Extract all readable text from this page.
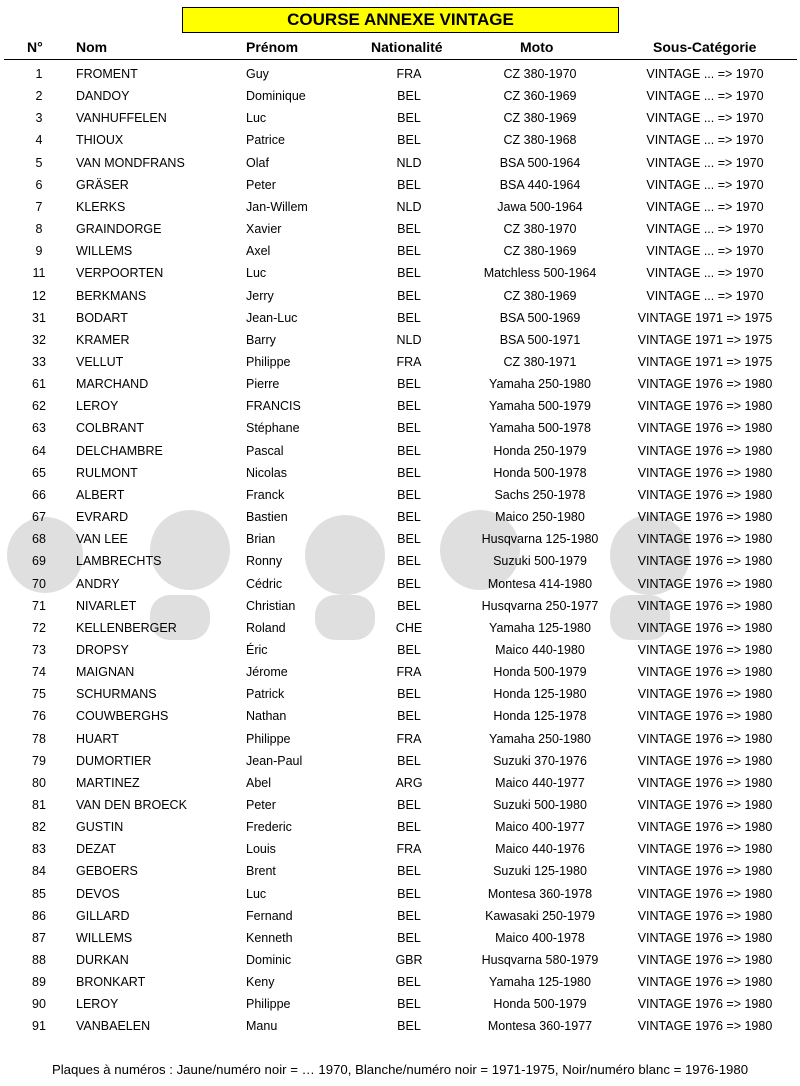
COURSE ANNEXE VINTAGE
N° Nom	Prénom	Nationalité	Moto	Sous-Catégorie
1	FROMENT	Guy	FRA	CZ 380-1970	VINTAGE ... => 1970
2	DANDOY	Dominique	BEL	CZ 360-1969	VINTAGE ... => 1970
3	VANHUFFELEN	Luc	BEL	CZ 380-1969	VINTAGE ... => 1970
4	THIOUX	Patrice	BEL	CZ 380-1968	VINTAGE ... => 1970
5	VAN MONDFRANS	Olaf	NLD	BSA 500-1964	VINTAGE ... => 1970
6	GRÄSER	Peter	BEL	BSA 440-1964	VINTAGE ... => 1970
7	KLERKS	Jan-Willem	NLD	Jawa 500-1964	VINTAGE ... => 1970
8	GRAINDORGE	Xavier	BEL	CZ 380-1970	VINTAGE ... => 1970
9	WILLEMS	Axel	BEL	CZ 380-1969	VINTAGE ... => 1970
11	VERPOORTEN	Luc	BEL	Matchless 500-1964	VINTAGE ... => 1970
12	BERKMANS	Jerry	BEL	CZ 380-1969	VINTAGE ... => 1970
31	BODART	Jean-Luc	BEL	BSA 500-1969	VINTAGE 1971 => 1975
32	KRAMER	Barry	NLD	BSA 500-1971	VINTAGE 1971 => 1975
33	VELLUT	Philippe	FRA	CZ 380-1971	VINTAGE 1971 => 1975
61	MARCHAND	Pierre	BEL	Yamaha 250-1980	VINTAGE 1976 => 1980
62	LEROY	FRANCIS	BEL	Yamaha 500-1979	VINTAGE 1976 => 1980
63	COLBRANT	Stéphane	BEL	Yamaha 500-1978	VINTAGE 1976 => 1980
64	DELCHAMBRE	Pascal	BEL	Honda 250-1979	VINTAGE 1976 => 1980
65	RULMONT	Nicolas	BEL	Honda 500-1978	VINTAGE 1976 => 1980
66	ALBERT	Franck	BEL	Sachs 250-1978	VINTAGE 1976 => 1980
67	EVRARD	Bastien	BEL	Maico 250-1980	VINTAGE 1976 => 1980
68	VAN LEE	Brian	BEL	Husqvarna 125-1980	VINTAGE 1976 => 1980
69	LAMBRECHTS	Ronny	BEL	Suzuki 500-1979	VINTAGE 1976 => 1980
70	ANDRY	Cédric	BEL	Montesa 414-1980	VINTAGE 1976 => 1980
71	NIVARLET	Christian	BEL	Husqvarna 250-1977	VINTAGE 1976 => 1980
72	KELLENBERGER	Roland	CHE	Yamaha 125-1980	VINTAGE 1976 => 1980
73	DROPSY	Éric	BEL	Maico 440-1980	VINTAGE 1976 => 1980
74	MAIGNAN	Jérome	FRA	Honda 500-1979	VINTAGE 1976 => 1980
75	SCHURMANS	Patrick	BEL	Honda 125-1980	VINTAGE 1976 => 1980
76	COUWBERGHS	Nathan	BEL	Honda 125-1978	VINTAGE 1976 => 1980
78	HUART	Philippe	FRA	Yamaha 250-1980	VINTAGE 1976 => 1980
79	DUMORTIER	Jean-Paul	BEL	Suzuki 370-1976	VINTAGE 1976 => 1980
80	MARTINEZ	Abel	ARG	Maico 440-1977	VINTAGE 1976 => 1980
81	VAN DEN BROECK	Peter	BEL	Suzuki 500-1980	VINTAGE 1976 => 1980
82	GUSTIN	Frederic	BEL	Maico 400-1977	VINTAGE 1976 => 1980
83	DEZAT	Louis	FRA	Maico 440-1976	VINTAGE 1976 => 1980
84	GEBOERS	Brent	BEL	Suzuki 125-1980	VINTAGE 1976 => 1980
85	DEVOS	Luc	BEL	Montesa 360-1978	VINTAGE 1976 => 1980
86	GILLARD	Fernand	BEL	Kawasaki 250-1979	VINTAGE 1976 => 1980
87	WILLEMS	Kenneth	BEL	Maico 400-1978	VINTAGE 1976 => 1980
88	DURKAN	Dominic	GBR	Husqvarna 580-1979	VINTAGE 1976 => 1980
89	BRONKART	Keny	BEL	Yamaha 125-1980	VINTAGE 1976 => 1980
90	LEROY	Philippe	BEL	Honda 500-1979	VINTAGE 1976 => 1980
91	VANBAELEN	Manu	BEL	Montesa 360-1977	VINTAGE 1976 => 1980
Plaques à numéros : Jaune/numéro noir = … 1970, Blanche/numéro noir = 1971-1975, Noir/numéro blanc = 1976-1980
